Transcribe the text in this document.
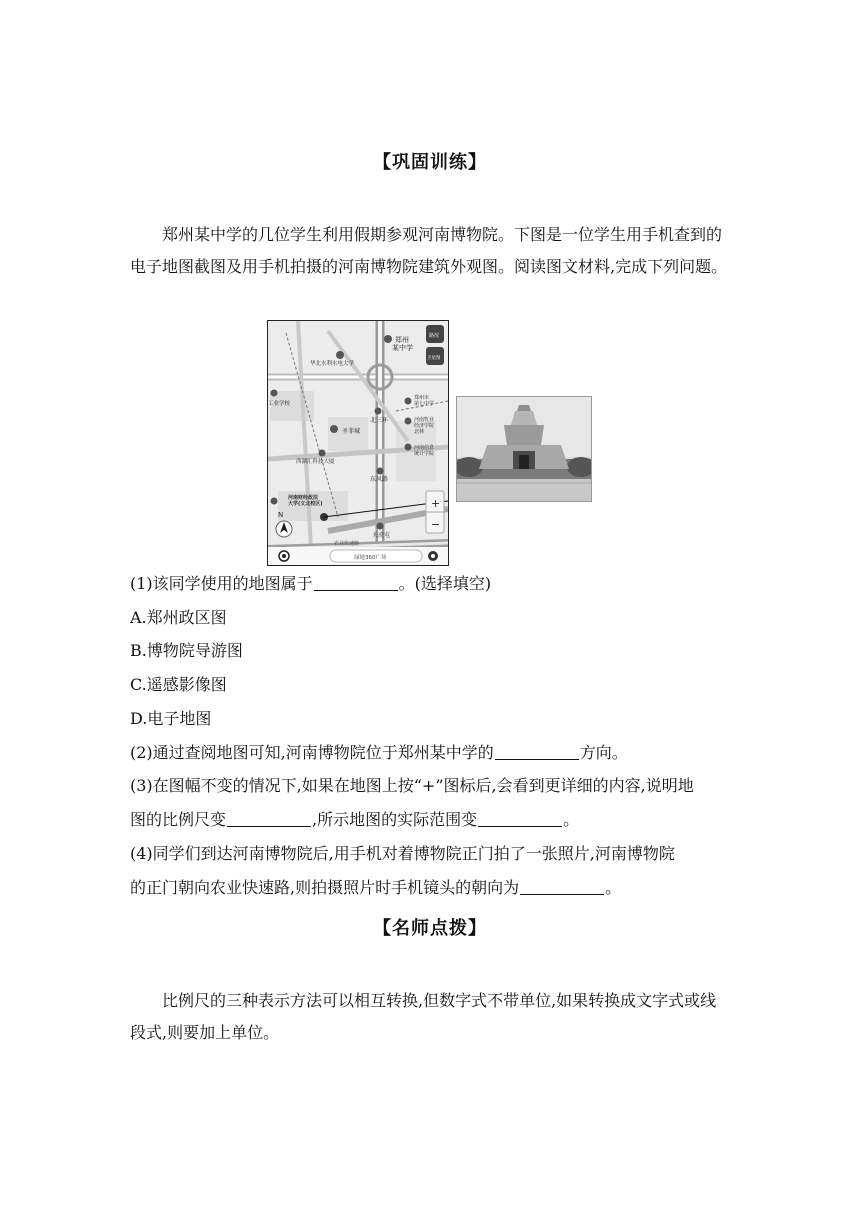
【巩固训练】
郑州某中学的几位学生利用假期参观河南博物院。下图是一位学生用手机查到的电子地图截图及用手机拍摄的河南博物院建筑外观图。阅读图文材料,完成下列问题。
郑州某中学
华北水利水电大学
工业学校
圣菲城
西湖汇科技大厦
北三环
东风路
郑州市第七中学
河南牧业经济学院北林
河南信息统计学院
河南财经政法大学(文北校区)
关虎屯
绿地360广场
N
路况
卫星图
+
−
农业快速路
(1)该同学使用的地图属于	。(选择填空)
A.郑州政区图
B.博物院导游图
C.遥感影像图
D.电子地图
(2)通过查阅地图可知,河南博物院位于郑州某中学的	方向。
(3)在图幅不变的情况下,如果在地图上按“+”图标后,会看到更详细的内容,说明地
图的比例尺变	,所示地图的实际范围变	。
(4)同学们到达河南博物院后,用手机对着博物院正门拍了一张照片,河南博物院
的正门朝向农业快速路,则拍摄照片时手机镜头的朝向为	。
【名师点拨】
比例尺的三种表示方法可以相互转换,但数字式不带单位,如果转换成文字式或线段式,则要加上单位。
